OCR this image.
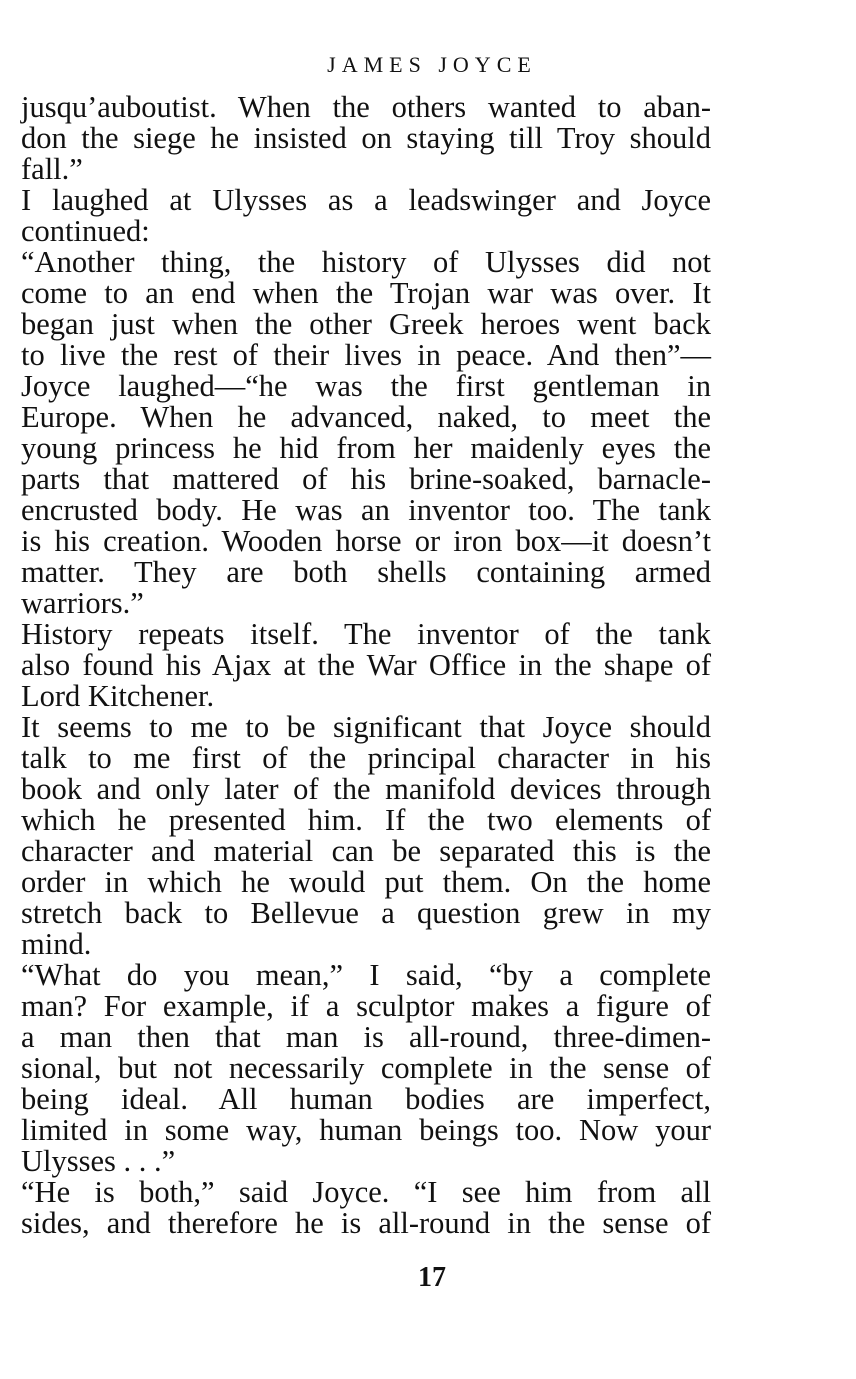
JAMES JOYCE
jusqu’auboutist. When the others wanted to aban-
don the siege he insisted on staying till Troy should
fall.”
I laughed at Ulysses as a leadswinger and Joyce
continued:
“Another thing, the history of Ulysses did not
come to an end when the Trojan war was over. It
began just when the other Greek heroes went back
to live the rest of their lives in peace. And then”—
Joyce laughed—“he was the first gentleman in
Europe. When he advanced, naked, to meet the
young princess he hid from her maidenly eyes the
parts that mattered of his brine-soaked, barnacle-
encrusted body. He was an inventor too. The tank
is his creation. Wooden horse or iron box—it doesn’t
matter. They are both shells containing armed
warriors.”
History repeats itself. The inventor of the tank
also found his Ajax at the War Office in the shape of
Lord Kitchener.
It seems to me to be significant that Joyce should
talk to me first of the principal character in his
book and only later of the manifold devices through
which he presented him. If the two elements of
character and material can be separated this is the
order in which he would put them. On the home
stretch back to Bellevue a question grew in my
mind.
“What do you mean,” I said, “by a complete
man? For example, if a sculptor makes a figure of
a man then that man is all-round, three-dimen-
sional, but not necessarily complete in the sense of
being ideal. All human bodies are imperfect,
limited in some way, human beings too. Now your
Ulysses . . .”
“He is both,” said Joyce. “I see him from all
sides, and therefore he is all-round in the sense of
17
